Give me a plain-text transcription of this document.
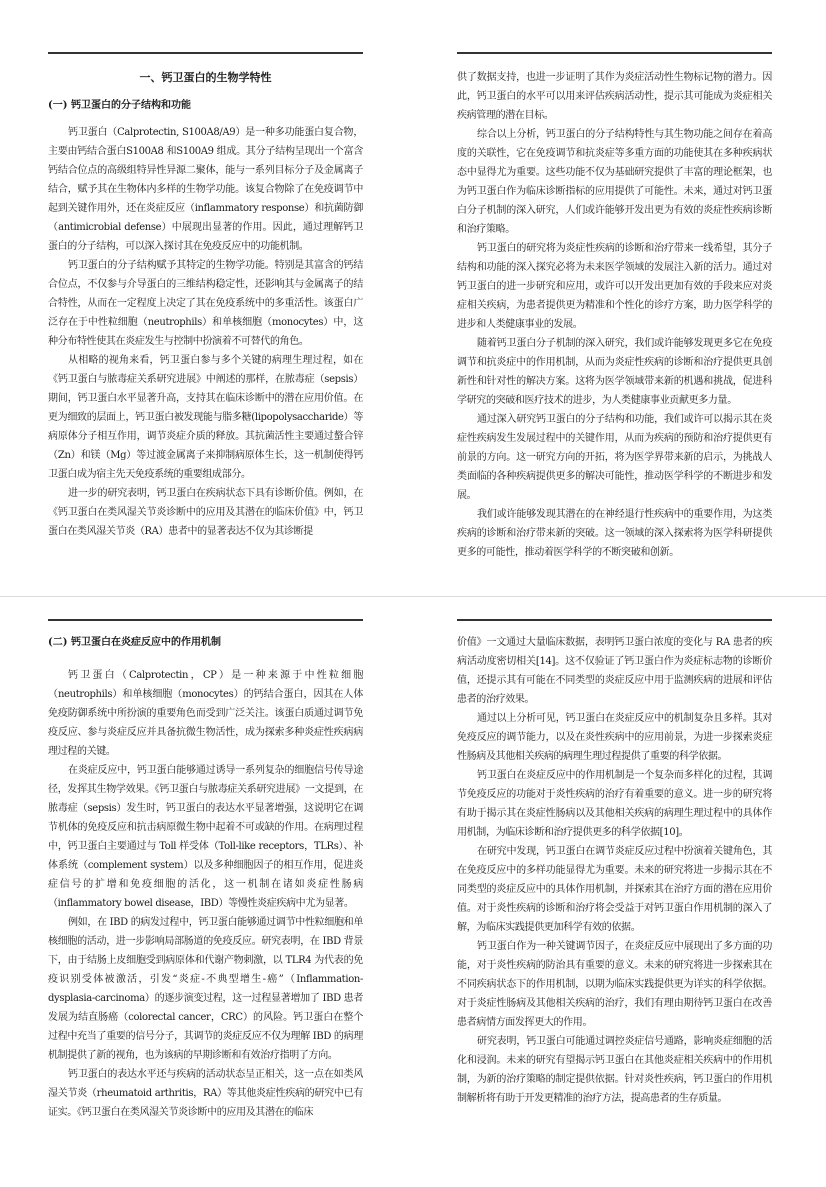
一、钙卫蛋白的生物学特性
(一) 钙卫蛋白的分子结构和功能

钙卫蛋白（Calprotectin, S100A8/A9）是一种多功能蛋白复合物，主要由钙结合蛋白S100A8 和S100A9 组成。其分子结构呈现出一个富含钙结合位点的高级组特异性异源二聚体，能与一系列目标分子及金属离子结合，赋予其在生物体内多样的生物学功能。该复合物除了在免疫调节中起到关键作用外，还在炎症反应（inflammatory response）和抗菌防御（antimicrobial defense）中展现出显著的作用。因此，通过理解钙卫蛋白的分子结构，可以深入探讨其在免疫反应中的功能机制。

钙卫蛋白的分子结构赋予其特定的生物学功能。特别是其富含的钙结合位点，不仅参与介导蛋白的三维结构稳定性，还影响其与金属离子的结合特性，从而在一定程度上决定了其在免疫系统中的多重活性。该蛋白广泛存在于中性粒细胞（neutrophils）和单核细胞（monocytes）中，这种分布特性使其在炎症发生与控制中扮演着不可替代的角色。

从相略的视角来看，钙卫蛋白参与多个关键的病理生理过程，如在《钙卫蛋白与脓毒症关系研究进展》中阐述的那样，在脓毒症（sepsis）期间，钙卫蛋白水平显著升高，支持其在临床诊断中的潜在应用价值。在更为细致的层面上，钙卫蛋白被发现能与脂多糖(lipopolysaccharide）等病原体分子相互作用，调节炎症介质的释放。其抗菌活性主要通过螯合锌（Zn）和镁（Mg）等过渡金属离子来抑制病原体生长，这一机制使得钙卫蛋白成为宿主先天免疫系统的重要组成部分。

进一步的研究表明，钙卫蛋白在疾病状态下具有诊断价值。例如，在《钙卫蛋白在类风湿关节炎诊断中的应用及其潜在的临床价值》中，钙卫蛋白在类风湿关节炎（RA）患者中的显著表达不仅为其诊断提

供了数据支持，也进一步证明了其作为炎症活动性生物标记物的潜力。因此，钙卫蛋白的水平可以用来评估疾病活动性，提示其可能成为炎症相关疾病管理的潜在目标。

综合以上分析，钙卫蛋白的分子结构特性与其生物功能之间存在着高度的关联性，它在免疫调节和抗炎症等多重方面的功能使其在多种疾病状态中显得尤为重要。这些功能不仅为基础研究提供了丰富的理论框架，也为钙卫蛋白作为临床诊断指标的应用提供了可能性。未来，通过对钙卫蛋白分子机制的深入研究，人们或许能够开发出更为有效的炎症性疾病诊断和治疗策略。

钙卫蛋白的研究将为炎症性疾病的诊断和治疗带来一线希望，其分子结构和功能的深入探究必将为未来医学领域的发展注入新的活力。通过对钙卫蛋白的进一步研究和应用，或许可以开发出更加有效的手段来应对炎症相关疾病，为患者提供更为精准和个性化的诊疗方案，助力医学科学的进步和人类健康事业的发展。

随着钙卫蛋白分子机制的深入研究，我们或许能够发现更多它在免疫调节和抗炎症中的作用机制，从而为炎症性疾病的诊断和治疗提供更具创新性和针对性的解决方案。这将为医学领域带来新的机遇和挑战，促进科学研究的突破和医疗技术的进步，为人类健康事业贡献更多力量。

通过深入研究钙卫蛋白的分子结构和功能，我们或许可以揭示其在炎症性疾病发生发展过程中的关键作用，从而为疾病的预防和治疗提供更有前景的方向。这一研究方向的开拓，将为医学界带来新的启示，为挑战人类面临的各种疾病提供更多的解决可能性，推动医学科学的不断进步和发展。

我们或许能够发现其潜在的在神经退行性疾病中的重要作用，为这类疾病的诊断和治疗带来新的突破。这一领域的深入探索将为医学科研提供更多的可能性，推动着医学科学的不断突破和创新。

(二) 钙卫蛋白在炎症反应中的作用机制

钙卫蛋白（Calprotectin，CP）是一种来源于中性粒细胞（neutrophils）和单核细胞（monocytes）的钙结合蛋白，因其在人体免疫防御系统中所扮演的重要角色而受到广泛关注。该蛋白质通过调节免疫反应、参与炎症反应并具备抗微生物活性，成为探索多种炎症性疾病病理过程的关键。

在炎症反应中，钙卫蛋白能够通过诱导一系列复杂的细胞信号传导途径，发挥其生物学效果。《钙卫蛋白与脓毒症关系研究进展》一文提到，在脓毒症（sepsis）发生时，钙卫蛋白的表达水平显著增强，这说明它在调节机体的免疫反应和抗击病原微生物中起着不可或缺的作用。在病理过程中，钙卫蛋白主要通过与 Toll 样受体（Toll-like receptors，TLRs）、补体系统（complement system）以及多种细胞因子的相互作用，促进炎症信号的扩增和免疫细胞的活化，这一机制在诸如炎症性肠病（inflammatory bowel disease，IBD）等慢性炎症疾病中尤为显著。

例如，在 IBD 的病发过程中，钙卫蛋白能够通过调节中性粒细胞和单核细胞的活动，进一步影响局部肠道的免疫反应。研究表明，在 IBD 背景下，由于结肠上皮细胞受到病原体和代谢产物刺激，以 TLR4 为代表的免疫识别受体被激活，引发“炎症-不典型增生-癌”（Inflammation-dysplasia-carcinoma）的逐步演变过程，这一过程显著增加了 IBD 患者发展为结直肠癌（colorectal cancer，CRC）的风险。钙卫蛋白在整个过程中充当了重要的信号分子，其调节的炎症反应不仅为理解 IBD 的病理机制提供了新的视角，也为该病的早期诊断和有效治疗指明了方向。

钙卫蛋白的表达水平还与疾病的活动状态呈正相关，这一点在如类风湿关节炎（rheumatoid arthritis，RA）等其他炎症性疾病的研究中已有证实。《钙卫蛋白在类风湿关节炎诊断中的应用及其潜在的临床

价值》一文通过大量临床数据，表明钙卫蛋白浓度的变化与 RA 患者的疾病活动度密切相关[14]。这不仅验证了钙卫蛋白作为炎症标志物的诊断价值，还提示其有可能在不同类型的炎症反应中用于监测疾病的进展和评估患者的治疗效果。

通过以上分析可见，钙卫蛋白在炎症反应中的机制复杂且多样。其对免疫反应的调节能力，以及在炎性疾病中的应用前景，为进一步探索炎症性肠病及其他相关疾病的病理生理过程提供了重要的科学依据。

钙卫蛋白在炎症反应中的作用机制是一个复杂而多样化的过程，其调节免疫反应的功能对于炎性疾病的治疗有着重要的意义。进一步的研究将有助于揭示其在炎症性肠病以及其他相关疾病的病理生理过程中的具体作用机制，为临床诊断和治疗提供更多的科学依据[10]。

在研究中发现，钙卫蛋白在调节炎症反应过程中扮演着关键角色，其在免疫反应中的多样功能显得尤为重要。未来的研究将进一步揭示其在不同类型的炎症反应中的具体作用机制，并探索其在治疗方面的潜在应用价值。对于炎性疾病的诊断和治疗将会受益于对钙卫蛋白作用机制的深入了解，为临床实践提供更加科学有效的依据。

钙卫蛋白作为一种关键调节因子，在炎症反应中展现出了多方面的功能，对于炎性疾病的防治具有重要的意义。未来的研究将进一步探索其在不同疾病状态下的作用机制，以期为临床实践提供更为详实的科学依据。对于炎症性肠病及其他相关疾病的治疗，我们有理由期待钙卫蛋白在改善患者病情方面发挥更大的作用。

研究表明，钙卫蛋白可能通过调控炎症信号通路，影响炎症细胞的活化和浸润。未来的研究有望揭示钙卫蛋白在其他炎症相关疾病中的作用机制，为新的治疗策略的制定提供依据。针对炎性疾病，钙卫蛋白的作用机制解析将有助于开发更精准的治疗方法，提高患者的生存质量。
